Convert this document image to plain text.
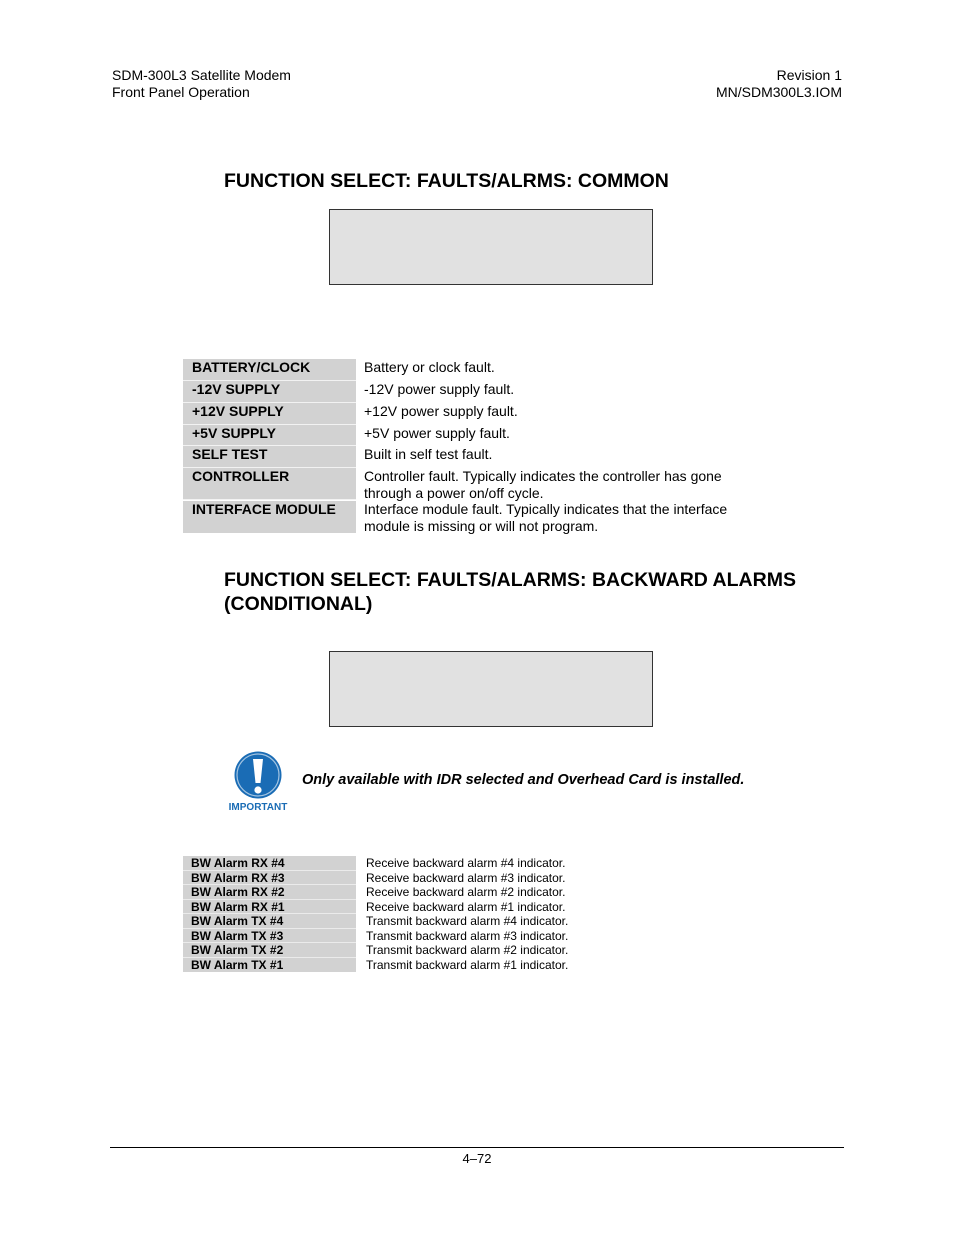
SDM-300L3 Satellite Modem
Front Panel Operation
Revision 1
MN/SDM300L3.IOM
FUNCTION SELECT: FAULTS/ALRMS: COMMON
BATTERY/CLOCK	Battery or clock fault.
-12V SUPPLY	-12V power supply fault.
+12V SUPPLY	+12V power supply fault.
+5V SUPPLY	+5V power supply fault.
SELF TEST	Built in self test fault.
CONTROLLER	Controller fault. Typically indicates the controller has gone
through a power on/off cycle.
INTERFACE MODULE	Interface module fault. Typically indicates that the interface
module is missing or will not program.
FUNCTION SELECT: FAULTS/ALARMS: BACKWARD ALARMS
(CONDITIONAL)
IMPORTANT
Only available with IDR selected and Overhead Card is installed.
BW Alarm RX #4	Receive backward alarm #4 indicator.
BW Alarm RX #3	Receive backward alarm #3 indicator.
BW Alarm RX #2	Receive backward alarm #2 indicator.
BW Alarm RX #1	Receive backward alarm #1 indicator.
BW Alarm TX #4	Transmit backward alarm #4 indicator.
BW Alarm TX #3	Transmit backward alarm #3 indicator.
BW Alarm TX #2	Transmit backward alarm #2 indicator.
BW Alarm TX #1	Transmit backward alarm #1 indicator.
4–72
